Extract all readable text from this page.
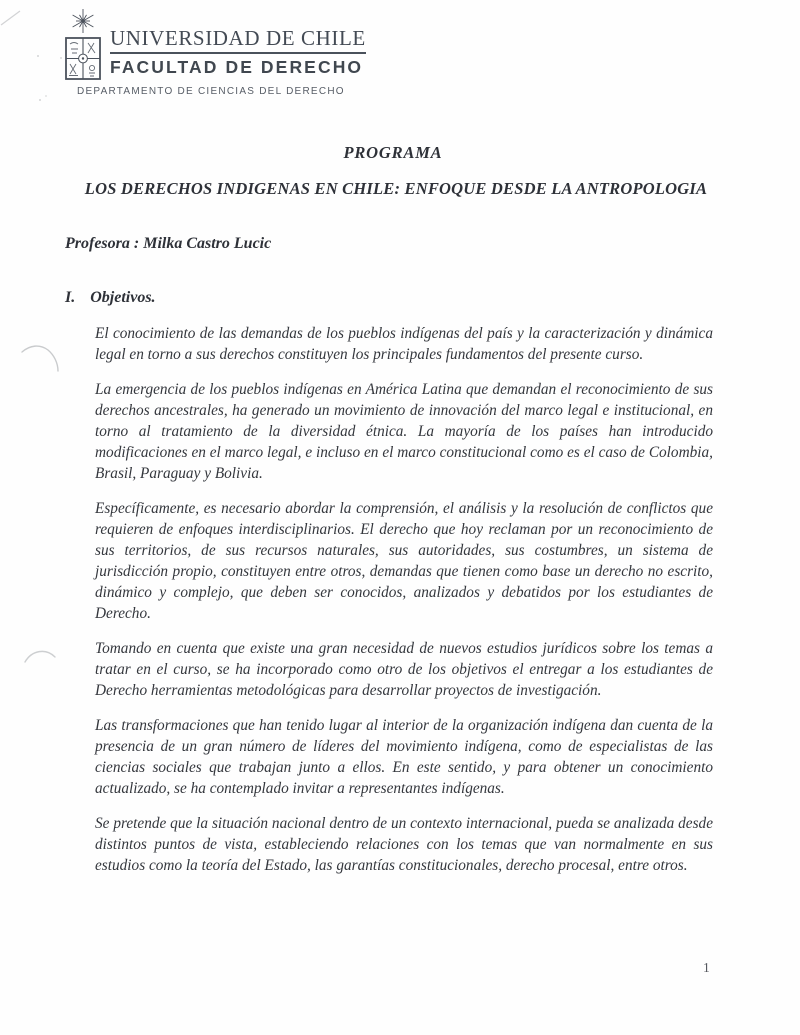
UNIVERSIDAD DE CHILE
FACULTAD DE DERECHO
DEPARTAMENTO DE CIENCIAS DEL DERECHO
PROGRAMA
LOS DERECHOS INDIGENAS EN CHILE: ENFOQUE DESDE LA ANTROPOLOGIA

Profesora : Milka Castro Lucic

I. Objetivos.

El conocimiento de las demandas de los pueblos indígenas del país y la caracterización y dinámica legal en torno a sus derechos constituyen los principales fundamentos del presente curso.

La emergencia de los pueblos indígenas en América Latina que demandan el reconocimiento de sus derechos ancestrales, ha generado un movimiento de innovación del marco legal e institucional, en torno al tratamiento de la diversidad étnica. La mayoría de los países han introducido modificaciones en el marco legal, e incluso en el marco constitucional como es el caso de Colombia, Brasil, Paraguay y Bolivia.

Específicamente, es necesario abordar la comprensión, el análisis y la resolución de conflictos que requieren de enfoques interdisciplinarios. El derecho que hoy reclaman por un reconocimiento de sus territorios, de sus recursos naturales, sus autoridades, sus costumbres, un sistema de jurisdicción propio, constituyen entre otros, demandas que tienen como base un derecho no escrito, dinámico y complejo, que deben ser conocidos, analizados y debatidos por los estudiantes de Derecho.

Tomando en cuenta que existe una gran necesidad de nuevos estudios jurídicos sobre los temas a tratar en el curso, se ha incorporado como otro de los objetivos el entregar a los estudiantes de Derecho herramientas metodológicas para desarrollar proyectos de investigación.

Las transformaciones que han tenido lugar al interior de la organización indígena dan cuenta de la presencia de un gran número de líderes del movimiento indígena, como de especialistas de las ciencias sociales que trabajan junto a ellos. En este sentido, y para obtener un conocimiento actualizado, se ha contemplado invitar a representantes indígenas.

Se pretende que la situación nacional dentro de un contexto internacional, pueda se analizada desde distintos puntos de vista, estableciendo relaciones con los temas que van normalmente en sus estudios como la teoría del Estado, las garantías constitucionales, derecho procesal, entre otros.

1
